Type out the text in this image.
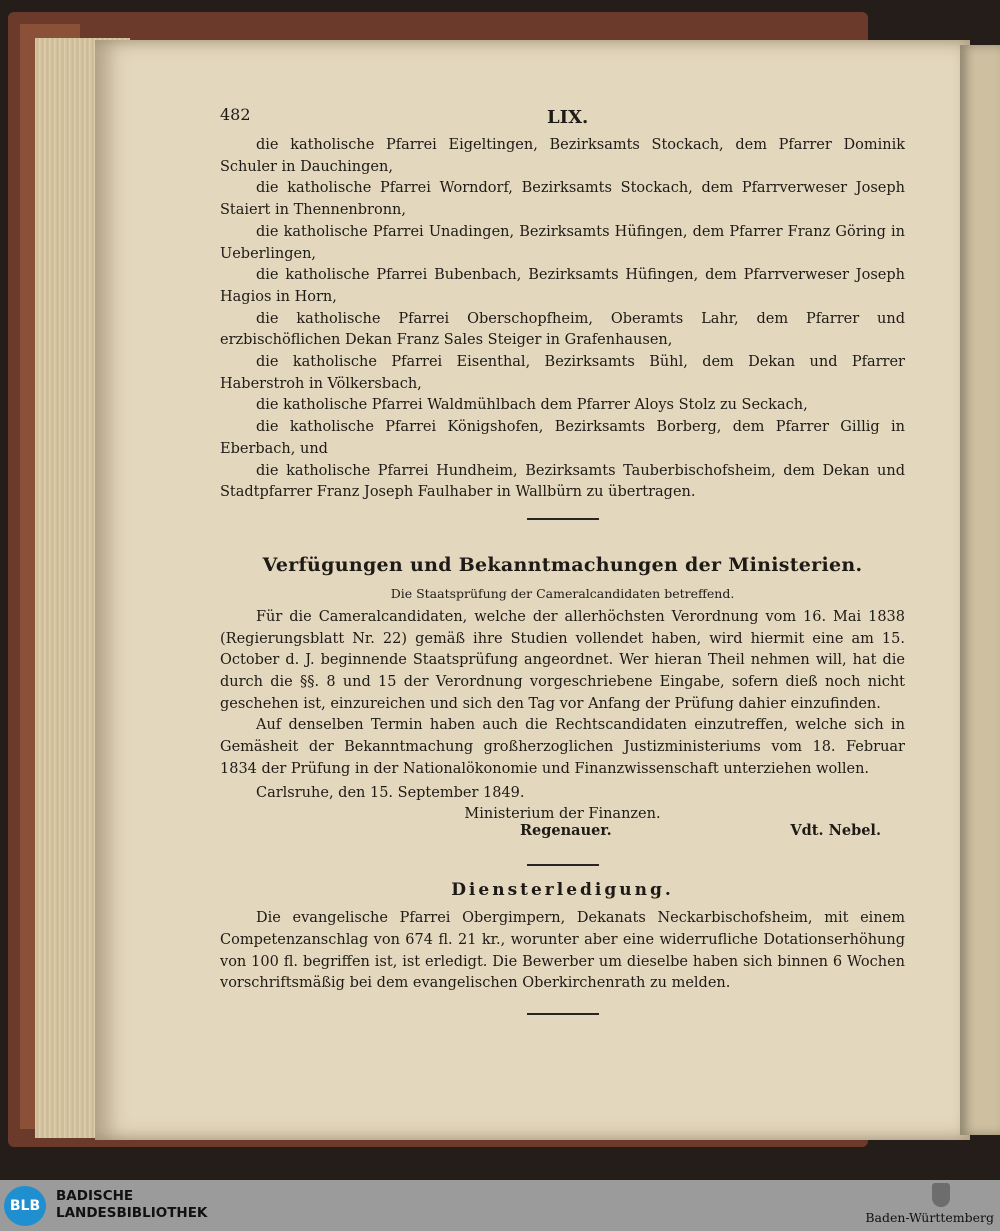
482	LIX.

die katholische Pfarrei Eigeltingen, Bezirksamts Stockach, dem Pfarrer Dominik Schuler in Dauchingen,

die katholische Pfarrei Worndorf, Bezirksamts Stockach, dem Pfarrverweser Joseph Staiert in Thennenbronn,

die katholische Pfarrei Unadingen, Bezirksamts Hüfingen, dem Pfarrer Franz Göring in Ueberlingen,

die katholische Pfarrei Bubenbach, Bezirksamts Hüfingen, dem Pfarrverweser Joseph Hagios in Horn,

die katholische Pfarrei Oberschopfheim, Oberamts Lahr, dem Pfarrer und erzbischöflichen Dekan Franz Sales Steiger in Grafenhausen,

die katholische Pfarrei Eisenthal, Bezirksamts Bühl, dem Dekan und Pfarrer Haberstroh in Völkersbach,

die katholische Pfarrei Waldmühlbach dem Pfarrer Aloys Stolz zu Seckach,

die katholische Pfarrei Königshofen, Bezirksamts Borberg, dem Pfarrer Gillig in Eberbach, und

die katholische Pfarrei Hundheim, Bezirksamts Tauberbischofsheim, dem Dekan und Stadtpfarrer Franz Joseph Faulhaber in Wallbürn zu übertragen.

Verfügungen und Bekanntmachungen der Ministerien.
Die Staatsprüfung der Cameralcandidaten betreffend.

Für die Cameralcandidaten, welche der allerhöchsten Verordnung vom 16. Mai 1838 (Regierungsblatt Nr. 22) gemäß ihre Studien vollendet haben, wird hiermit eine am 15. October d. J. beginnende Staatsprüfung angeordnet. Wer hieran Theil nehmen will, hat die durch die §§. 8 und 15 der Verordnung vorgeschriebene Eingabe, sofern dieß noch nicht geschehen ist, einzureichen und sich den Tag vor Anfang der Prüfung dahier einzufinden.

Auf denselben Termin haben auch die Rechtscandidaten einzutreffen, welche sich in Gemäsheit der Bekanntmachung großherzoglichen Justizministeriums vom 18. Februar 1834 der Prüfung in der Nationalökonomie und Finanzwissenschaft unterziehen wollen.

Carlsruhe, den 15. September 1849.

Ministerium der Finanzen.
Regenauer.	Vdt. Nebel.
Diensterledigung.

Die evangelische Pfarrei Obergimpern, Dekanats Neckarbischofsheim, mit einem Competenzanschlag von 674 fl. 21 kr., worunter aber eine widerrufliche Dotationserhöhung von 100 fl. begriffen ist, ist erledigt. Die Bewerber um dieselbe haben sich binnen 6 Wochen vorschriftsmäßig bei dem evangelischen Oberkirchenrath zu melden.

BLB
BADISCHE
LANDESBIBLIOTHEK	Baden-Württemberg
